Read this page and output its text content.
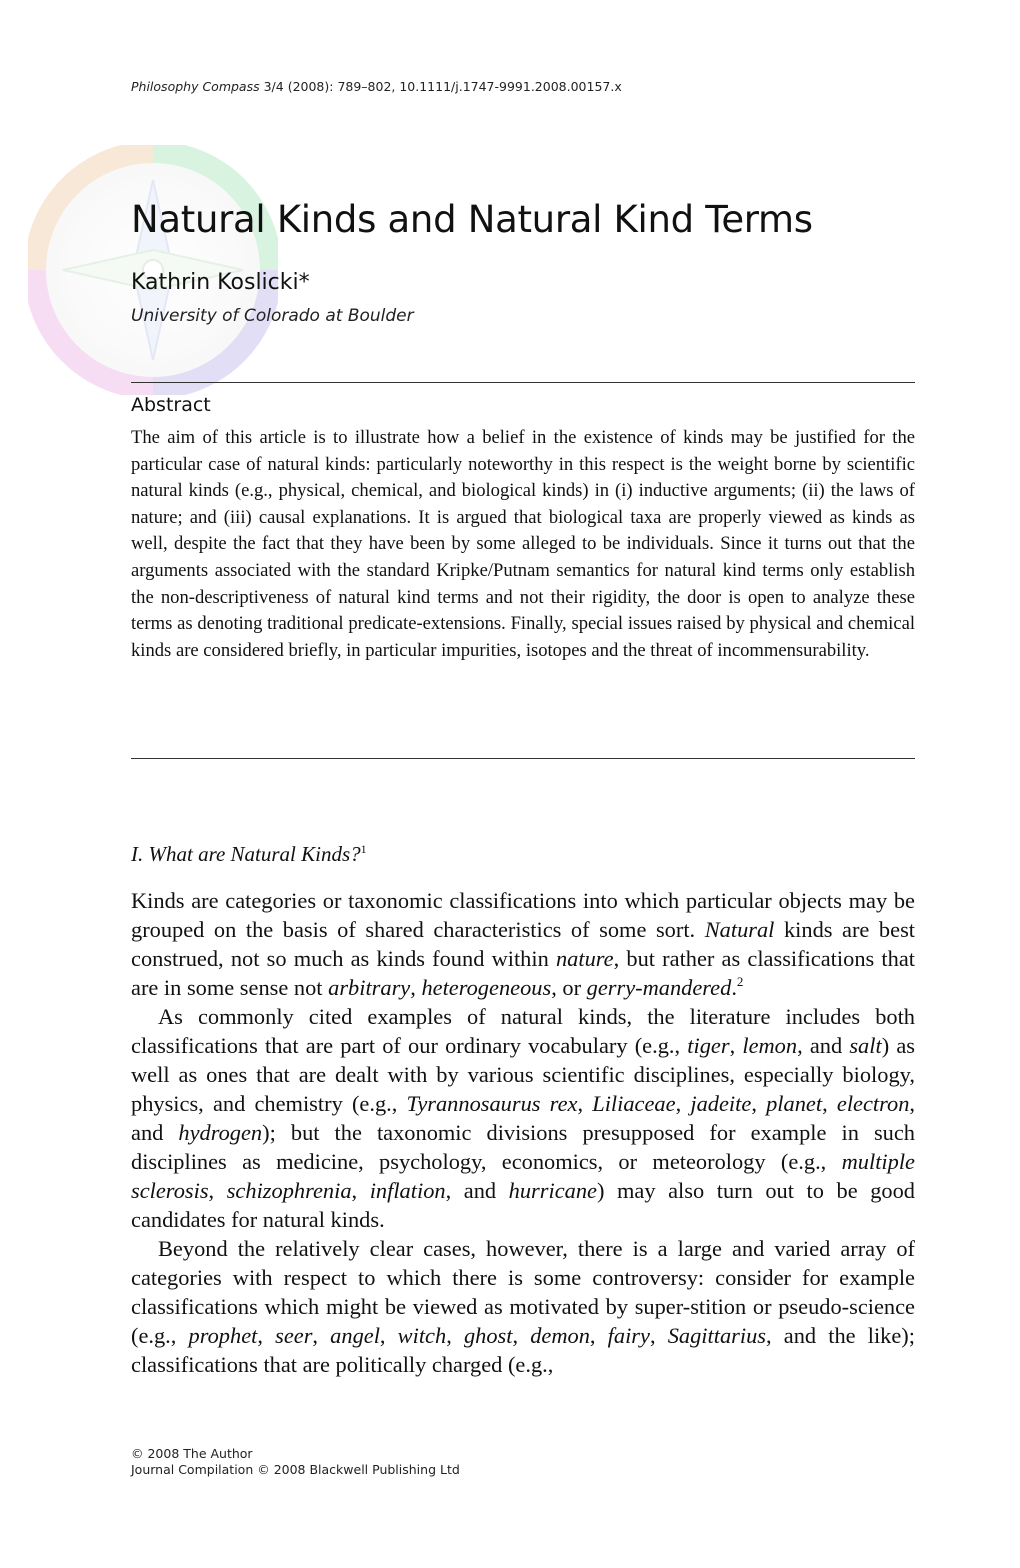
Philosophy Compass 3/4 (2008): 789–802, 10.1111/j.1747-9991.2008.00157.x
Natural Kinds and Natural Kind Terms
Kathrin Koslicki*
University of Colorado at Boulder
Abstract

The aim of this article is to illustrate how a belief in the existence of kinds may be justified for the particular case of natural kinds: particularly noteworthy in this respect is the weight borne by scientific natural kinds (e.g., physical, chemical, and biological kinds) in (i) inductive arguments; (ii) the laws of nature; and (iii) causal explanations. It is argued that biological taxa are properly viewed as kinds as well, despite the fact that they have been by some alleged to be individuals. Since it turns out that the arguments associated with the standard Kripke/Putnam semantics for natural kind terms only establish the non-descriptiveness of natural kind terms and not their rigidity, the door is open to analyze these terms as denoting traditional predicate-extensions. Finally, special issues raised by physical and chemical kinds are considered briefly, in particular impurities, isotopes and the threat of incommensurability.

I. What are Natural Kinds?$^1$

Kinds are categories or taxonomic classifications into which particular objects may be grouped on the basis of shared characteristics of some sort. Natural kinds are best construed, not so much as kinds found within nature, but rather as classifications that are in some sense not arbitrary, heterogeneous, or gerry-mandered.$^2$

As commonly cited examples of natural kinds, the literature includes both classifications that are part of our ordinary vocabulary (e.g., tiger, lemon, and salt) as well as ones that are dealt with by various scientific disciplines, especially biology, physics, and chemistry (e.g., Tyrannosaurus rex, Liliaceae, jadeite, planet, electron, and hydrogen); but the taxonomic divisions presupposed for example in such disciplines as medicine, psychology, economics, or meteorology (e.g., multiple sclerosis, schizophrenia, inflation, and hurricane) may also turn out to be good candidates for natural kinds.

Beyond the relatively clear cases, however, there is a large and varied array of categories with respect to which there is some controversy: consider for example classifications which might be viewed as motivated by super-stition or pseudo-science (e.g., prophet, seer, angel, witch, ghost, demon, fairy, Sagittarius, and the like); classifications that are politically charged (e.g.,

© 2008 The Author
Journal Compilation © 2008 Blackwell Publishing Ltd
